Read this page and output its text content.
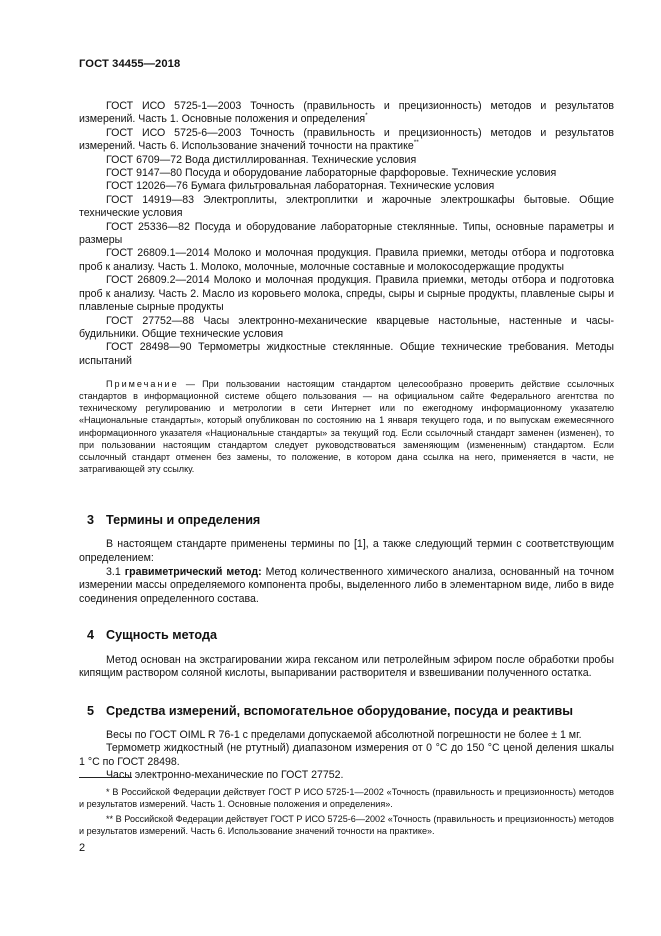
ГОСТ 34455—2018

ГОСТ ИСО 5725-1—2003 Точность (правильность и прецизионность) методов и результатов измерений. Часть 1. Основные положения и определения*

ГОСТ ИСО 5725-6—2003 Точность (правильность и прецизионность) методов и результатов измерений. Часть 6. Использование значений точности на практике**

ГОСТ 6709—72 Вода дистиллированная. Технические условия

ГОСТ 9147—80 Посуда и оборудование лабораторные фарфоровые. Технические условия

ГОСТ 12026—76 Бумага фильтровальная лабораторная. Технические условия

ГОСТ 14919—83 Электроплиты, электроплитки и жарочные электрошкафы бытовые. Общие технические условия

ГОСТ 25336—82 Посуда и оборудование лабораторные стеклянные. Типы, основные параметры и размеры

ГОСТ 26809.1—2014 Молоко и молочная продукция. Правила приемки, методы отбора и подготовка проб к анализу. Часть 1. Молоко, молочные, молочные составные и молокосодержащие продукты

ГОСТ 26809.2—2014 Молоко и молочная продукция. Правила приемки, методы отбора и подготовка проб к анализу. Часть 2. Масло из коровьего молока, спреды, сыры и сырные продукты, плавленые сыры и плавленые сырные продукты

ГОСТ 27752—88 Часы электронно-механические кварцевые настольные, настенные и часы-будильники. Общие технические условия

ГОСТ 28498—90 Термометры жидкостные стеклянные. Общие технические требования. Методы испытаний

Примечание — При пользовании настоящим стандартом целесообразно проверить действие ссылочных стандартов в информационной системе общего пользования — на официальном сайте Федерального агентства по техническому регулированию и метрологии в сети Интернет или по ежегодному информационному указателю «Национальные стандарты», который опубликован по состоянию на 1 января текущего года, и по выпускам ежемесячного информационного указателя «Национальные стандарты» за текущий год. Если ссылочный стандарт заменен (изменен), то при пользовании настоящим стандартом следует руководствоваться заменяющим (измененным) стандартом. Если ссылочный стандарт отменен без замены, то положение, в котором дана ссылка на него, применяется в части, не затрагивающей эту ссылку.

3 Термины и определения

В настоящем стандарте применены термины по [1], а также следующий термин с соответствующим определением:

3.1 гравиметрический метод: Метод количественного химического анализа, основанный на точном измерении массы определяемого компонента пробы, выделенного либо в элементарном виде, либо в виде соединения определенного состава.

4 Сущность метода

Метод основан на экстрагировании жира гексаном или петролейным эфиром после обработки пробы кипящим раствором соляной кислоты, выпаривании растворителя и взвешивании полученного остатка.

5 Средства измерений, вспомогательное оборудование, посуда и реактивы

Весы по ГОСТ OIML R 76-1 с пределами допускаемой абсолютной погрешности не более ± 1 мг.

Термометр жидкостный (не ртутный) диапазоном измерения от 0 °С до 150 °С ценой деления шкалы 1 °С по ГОСТ 28498.

Часы электронно-механические по ГОСТ 27752.

* В Российской Федерации действует ГОСТ Р ИСО 5725-1—2002 «Точность (правильность и прецизионность) методов и результатов измерений. Часть 1. Основные положения и определения».

** В Российской Федерации действует ГОСТ Р ИСО 5725-6—2002 «Точность (правильность и прецизионность) методов и результатов измерений. Часть 6. Использование значений точности на практике».

2
